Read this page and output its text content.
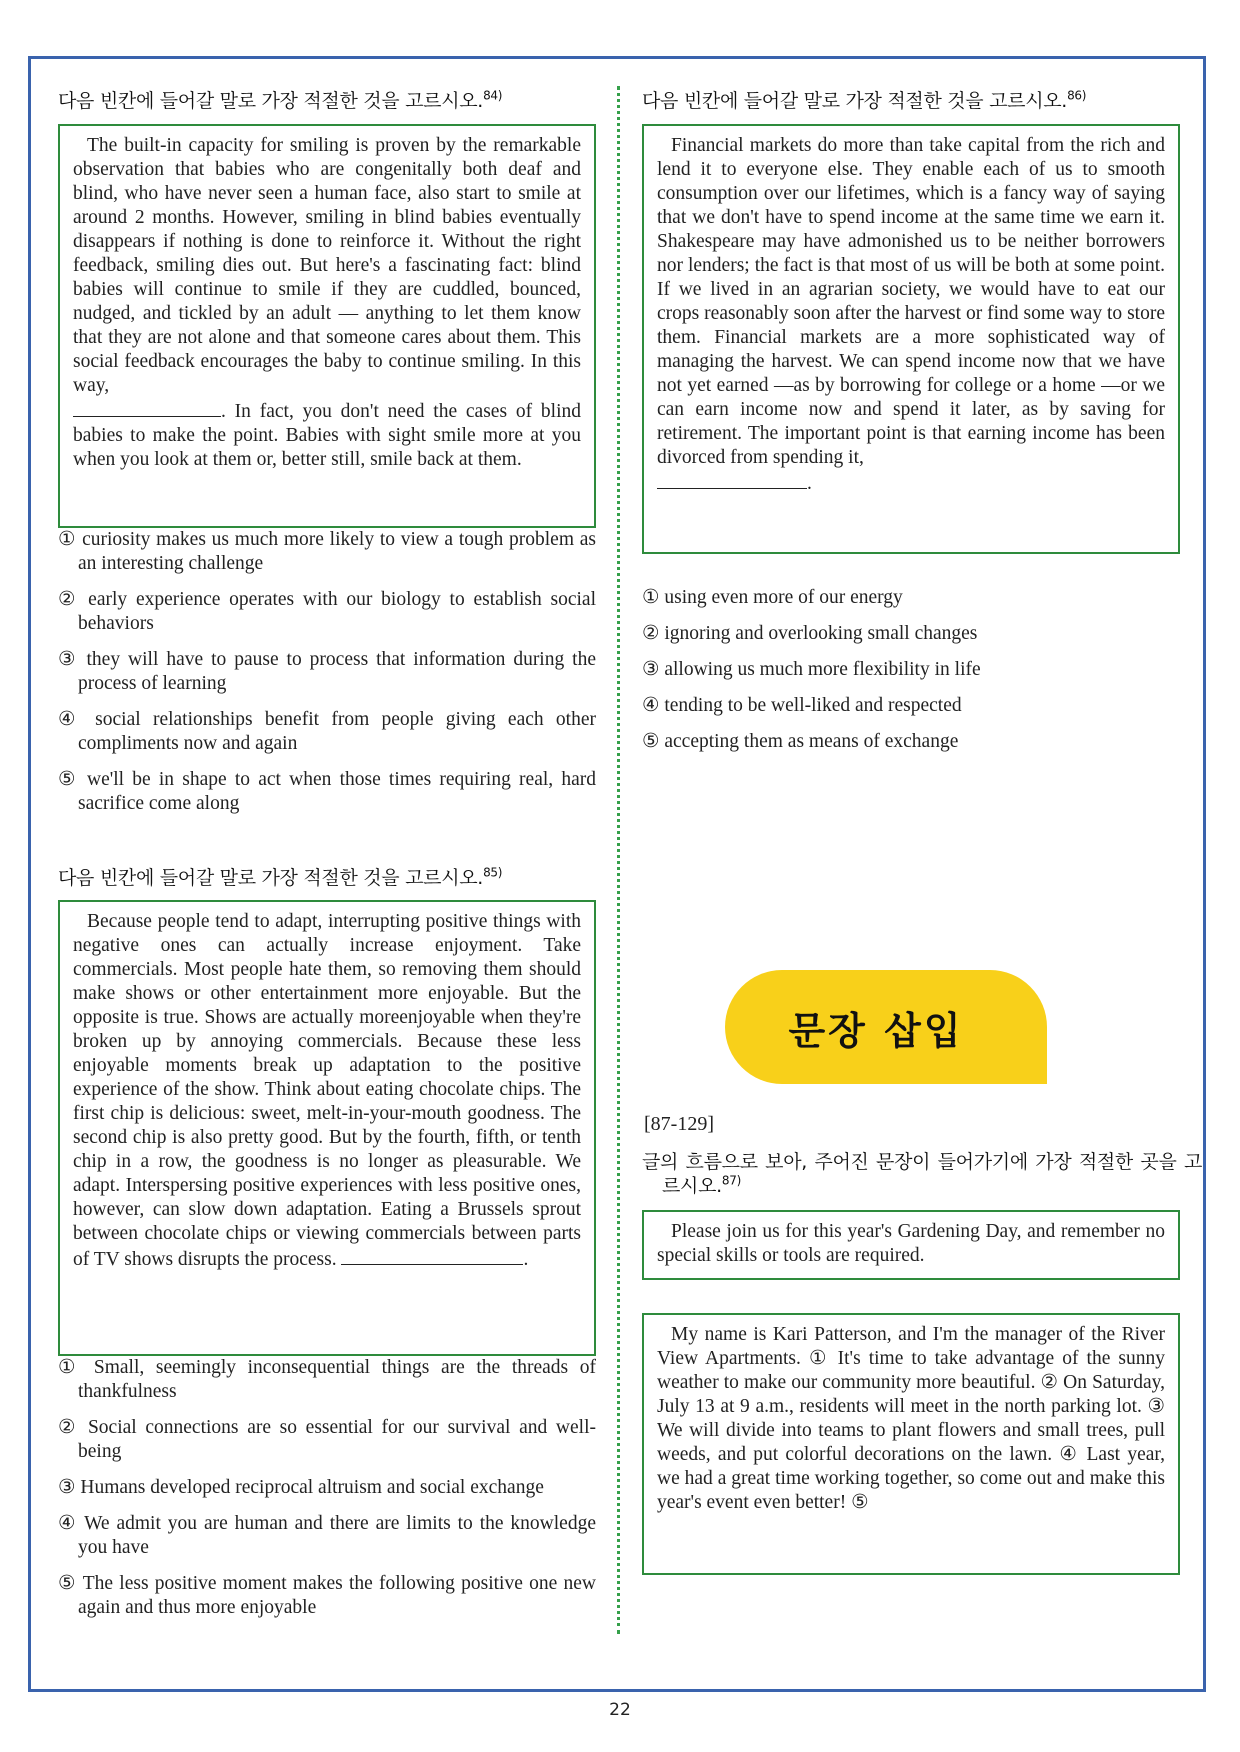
다음 빈칸에 들어갈 말로 가장 적절한 것을 고르시오.$^{84)}$

The built-in capacity for smiling is proven by the remarkable observation that babies who are congenitally both deaf and blind, who have never seen a human face, also start to smile at around 2 months. However, smiling in blind babies eventually disappears if nothing is done to reinforce it. Without the right feedback, smiling dies out. But here's a fascinating fact: blind babies will continue to smile if they are cuddled, bounced, nudged, and tickled by an adult — anything to let them know that they are not alone and that someone cares about them. This social feedback encourages the baby to continue smiling. In this way,
. In fact, you don't need the cases of blind babies to make the point. Babies with sight smile more at you when you look at them or, better still, smile back at them.

① curiosity makes us much more likely to view a tough problem as an interesting challenge
② early experience operates with our biology to establish social behaviors
③ they will have to pause to process that information during the process of learning
④ social relationships benefit from people giving each other compliments now and again
⑤ we'll be in shape to act when those times requiring real, hard sacrifice come along
다음 빈칸에 들어갈 말로 가장 적절한 것을 고르시오.$^{85)}$

Because people tend to adapt, interrupting positive things with negative ones can actually increase enjoyment. Take commercials. Most people hate them, so removing them should make shows or other entertainment more enjoyable. But the opposite is true. Shows are actually moreenjoyable when they're broken up by annoying commercials. Because these less enjoyable moments break up adaptation to the positive experience of the show. Think about eating chocolate chips. The first chip is delicious: sweet, melt-in-your-mouth goodness. The second chip is also pretty good. But by the fourth, fifth, or tenth chip in a row, the goodness is no longer as pleasurable. We adapt. Interspersing positive experiences with less positive ones, however, can slow down adaptation. Eating a Brussels sprout between chocolate chips or viewing commercials between parts of TV shows disrupts the process.	.

① Small, seemingly inconsequential things are the threads of thankfulness
② Social connections are so essential for our survival and well-being
③ Humans developed reciprocal altruism and social exchange
④ We admit you are human and there are limits to the knowledge you have
⑤ The less positive moment makes the following positive one new again and thus more enjoyable
다음 빈칸에 들어갈 말로 가장 적절한 것을 고르시오.$^{86)}$

Financial markets do more than take capital from the rich and lend it to everyone else. They enable each of us to smooth consumption over our lifetimes, which is a fancy way of saying that we don't have to spend income at the same time we earn it. Shakespeare may have admonished us to be neither borrowers nor lenders; the fact is that most of us will be both at some point. If we lived in an agrarian society, we would have to eat our crops reasonably soon after the harvest or find some way to store them. Financial markets are a more sophisticated way of managing the harvest. We can spend income now that we have not yet earned —as by borrowing for college or a home —or we can earn income now and spend it later, as by saving for retirement. The important point is that earning income has been divorced from spending it,
.

① using even more of our energy
② ignoring and overlooking small changes
③ allowing us much more flexibility in life
④ tending to be well-liked and respected
⑤ accepting them as means of exchange
문장 삽입
[87-129]
글의 흐름으로 보아, 주어진 문장이 들어가기에 가장 적절한 곳을 고르시오.$^{87)}$

Please join us for this year's Gardening Day, and remember no special skills or tools are required.

My name is Kari Patterson, and I'm the manager of the River View Apartments. ① It's time to take advantage of the sunny weather to make our community more beautiful. ② On Saturday, July 13 at 9 a.m., residents will meet in the north parking lot. ③ We will divide into teams to plant flowers and small trees, pull weeds, and put colorful decorations on the lawn. ④ Last year, we had a great time working together, so come out and make this year's event even better! ⑤

22
